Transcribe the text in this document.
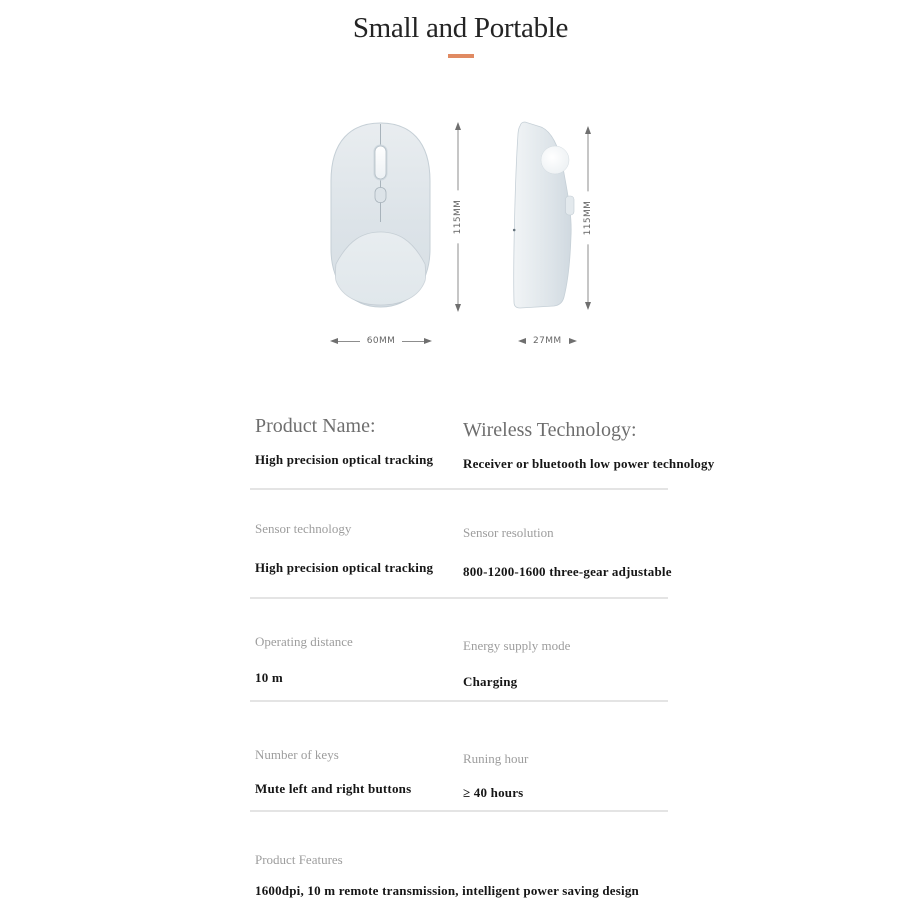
Small and Portable
115MM	115MM
60MM	27MM
Product Name:
High precision optical tracking
Wireless Technology:
Receiver or bluetooth low power technology
Sensor technology
High precision optical tracking
Sensor resolution
800-1200-1600 three-gear adjustable
Operating distance
10 m
Energy supply mode
Charging
Number of keys
Mute left and right buttons
Runing hour
≥ 40 hours
Product Features
1600dpi, 10 m remote transmission, intelligent power saving design
